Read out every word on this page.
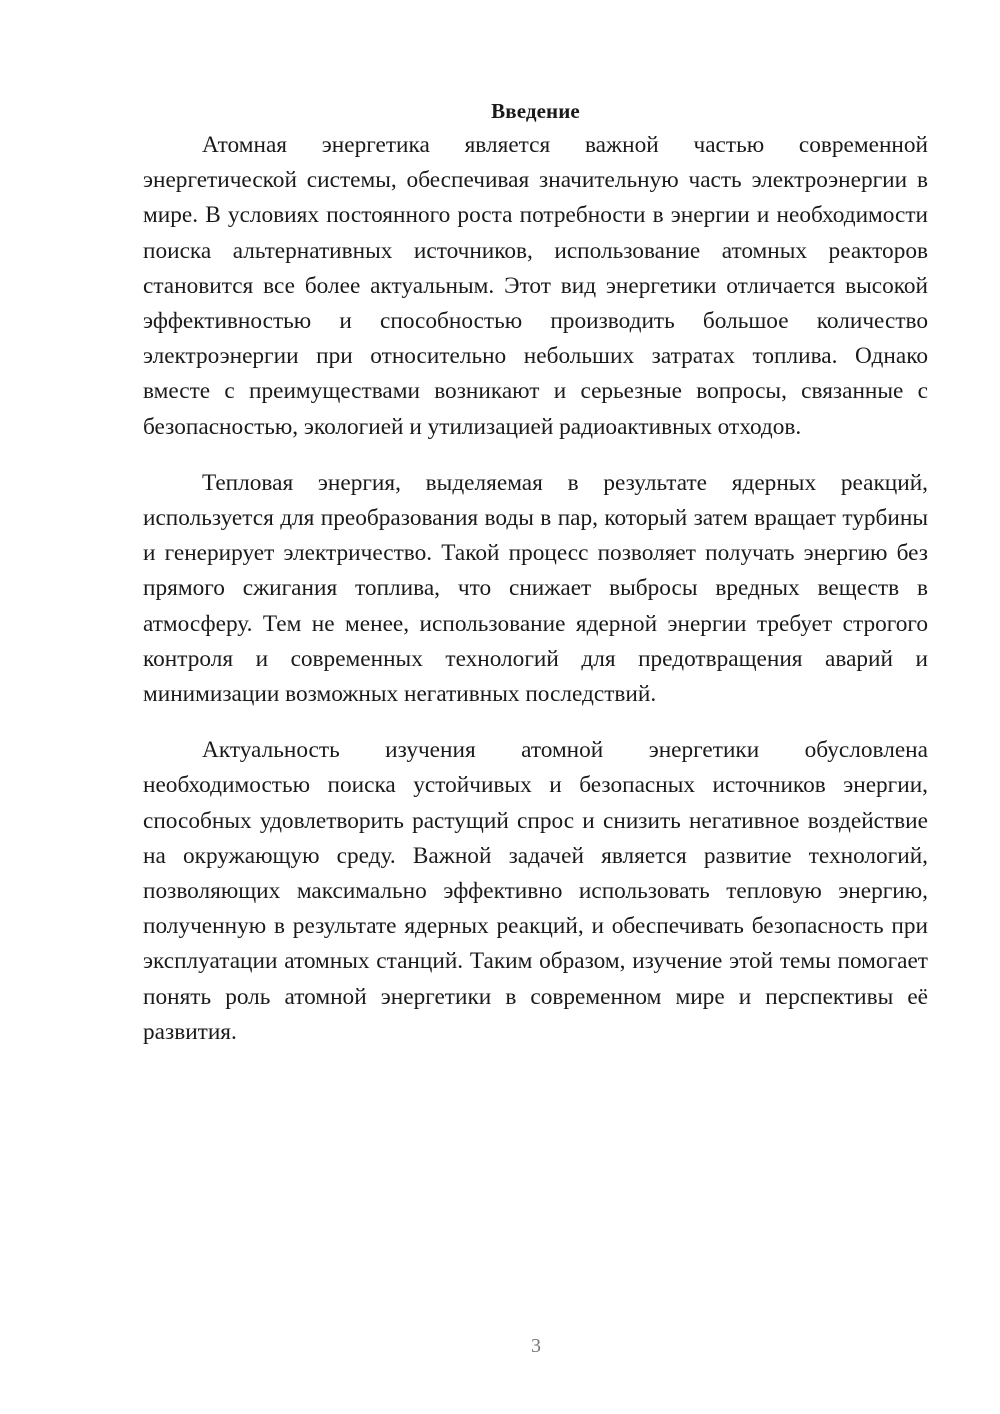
Введение

Атомная энергетика является важной частью современной энергетической системы, обеспечивая значительную часть электроэнергии в мире. В условиях постоянного роста потребности в энергии и необходимости поиска альтернативных источников, использование атомных реакторов становится все более актуальным. Этот вид энергетики отличается высокой эффективностью и способностью производить большое количество электроэнергии при относительно небольших затратах топлива. Однако вместе с преимуществами возникают и серьезные вопросы, связанные с безопасностью, экологией и утилизацией радиоактивных отходов.

Тепловая энергия, выделяемая в результате ядерных реакций, используется для преобразования воды в пар, который затем вращает турбины и генерирует электричество. Такой процесс позволяет получать энергию без прямого сжигания топлива, что снижает выбросы вредных веществ в атмосферу. Тем не менее, использование ядерной энергии требует строгого контроля и современных технологий для предотвращения аварий и минимизации возможных негативных последствий.

Актуальность изучения атомной энергетики обусловлена необходимостью поиска устойчивых и безопасных источников энергии, способных удовлетворить растущий спрос и снизить негативное воздействие на окружающую среду. Важной задачей является развитие технологий, позволяющих максимально эффективно использовать тепловую энергию, полученную в результате ядерных реакций, и обеспечивать безопасность при эксплуатации атомных станций. Таким образом, изучение этой темы помогает понять роль атомной энергетики в современном мире и перспективы её развития.

3
